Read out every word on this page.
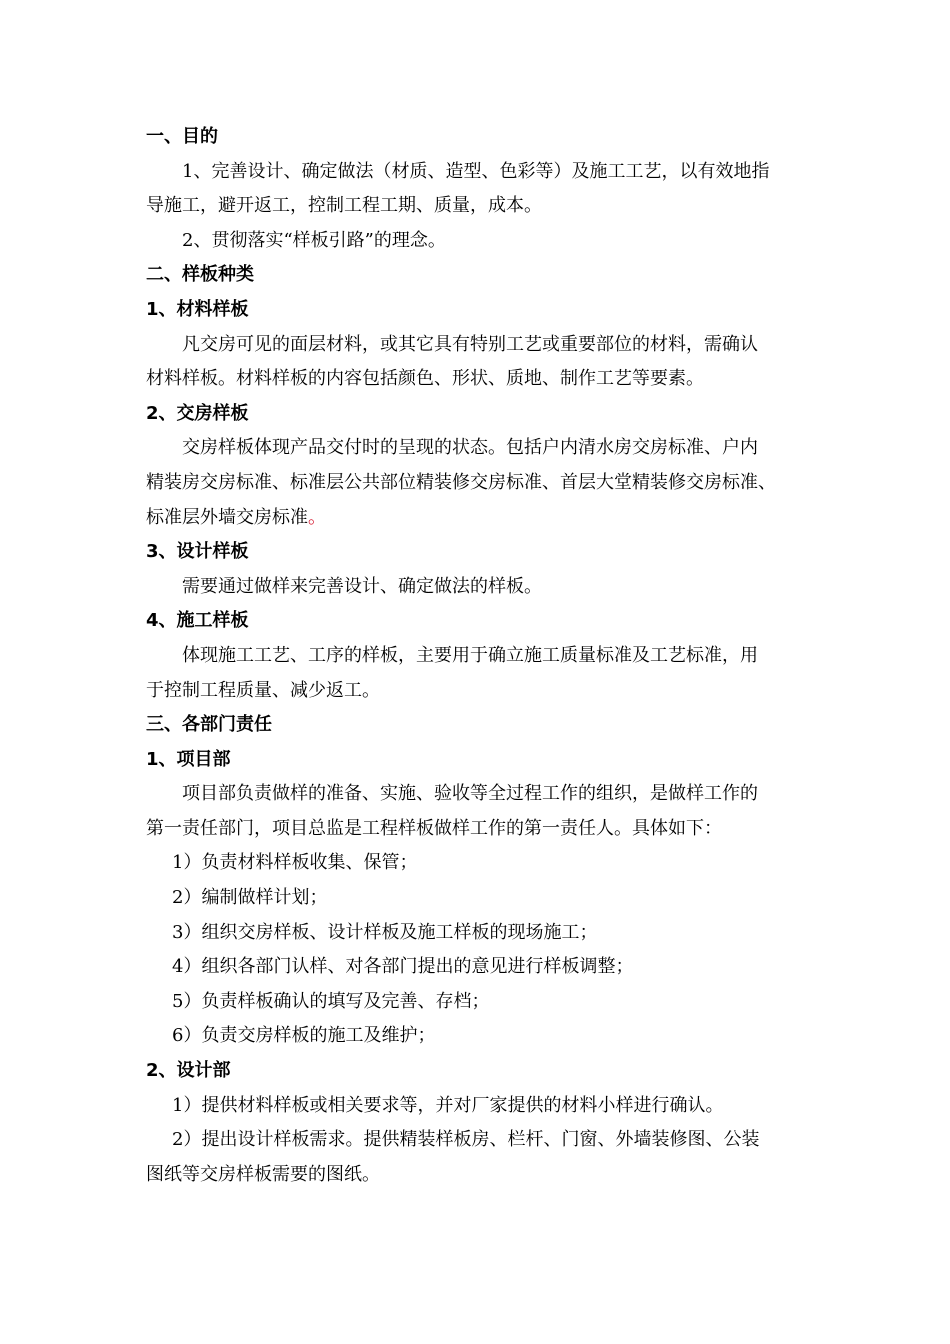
一、目的
1、完善设计、确定做法（材质、造型、色彩等）及施工工艺，以有效地指
导施工，避开返工，控制工程工期、质量，成本。
2、贯彻落实“样板引路”的理念。
二、样板种类
1、材料样板
凡交房可见的面层材料，或其它具有特别工艺或重要部位的材料，需确认
材料样板。材料样板的内容包括颜色、形状、质地、制作工艺等要素。
2、交房样板
交房样板体现产品交付时的呈现的状态。包括户内清水房交房标准、户内
精装房交房标准、标准层公共部位精装修交房标准、首层大堂精装修交房标准、
标准层外墙交房标准。
3、设计样板
需要通过做样来完善设计、确定做法的样板。
4、施工样板
体现施工工艺、工序的样板，主要用于确立施工质量标准及工艺标准，用
于控制工程质量、减少返工。
三、各部门责任
1、项目部
项目部负责做样的准备、实施、验收等全过程工作的组织，是做样工作的
第一责任部门，项目总监是工程样板做样工作的第一责任人。具体如下：
1）负责材料样板收集、保管；
2）编制做样计划；
3）组织交房样板、设计样板及施工样板的现场施工；
4）组织各部门认样、对各部门提出的意见进行样板调整；
5）负责样板确认的填写及完善、存档；
6）负责交房样板的施工及维护；
2、设计部
1）提供材料样板或相关要求等，并对厂家提供的材料小样进行确认。
2）提出设计样板需求。提供精装样板房、栏杆、门窗、外墙装修图、公装
图纸等交房样板需要的图纸。
